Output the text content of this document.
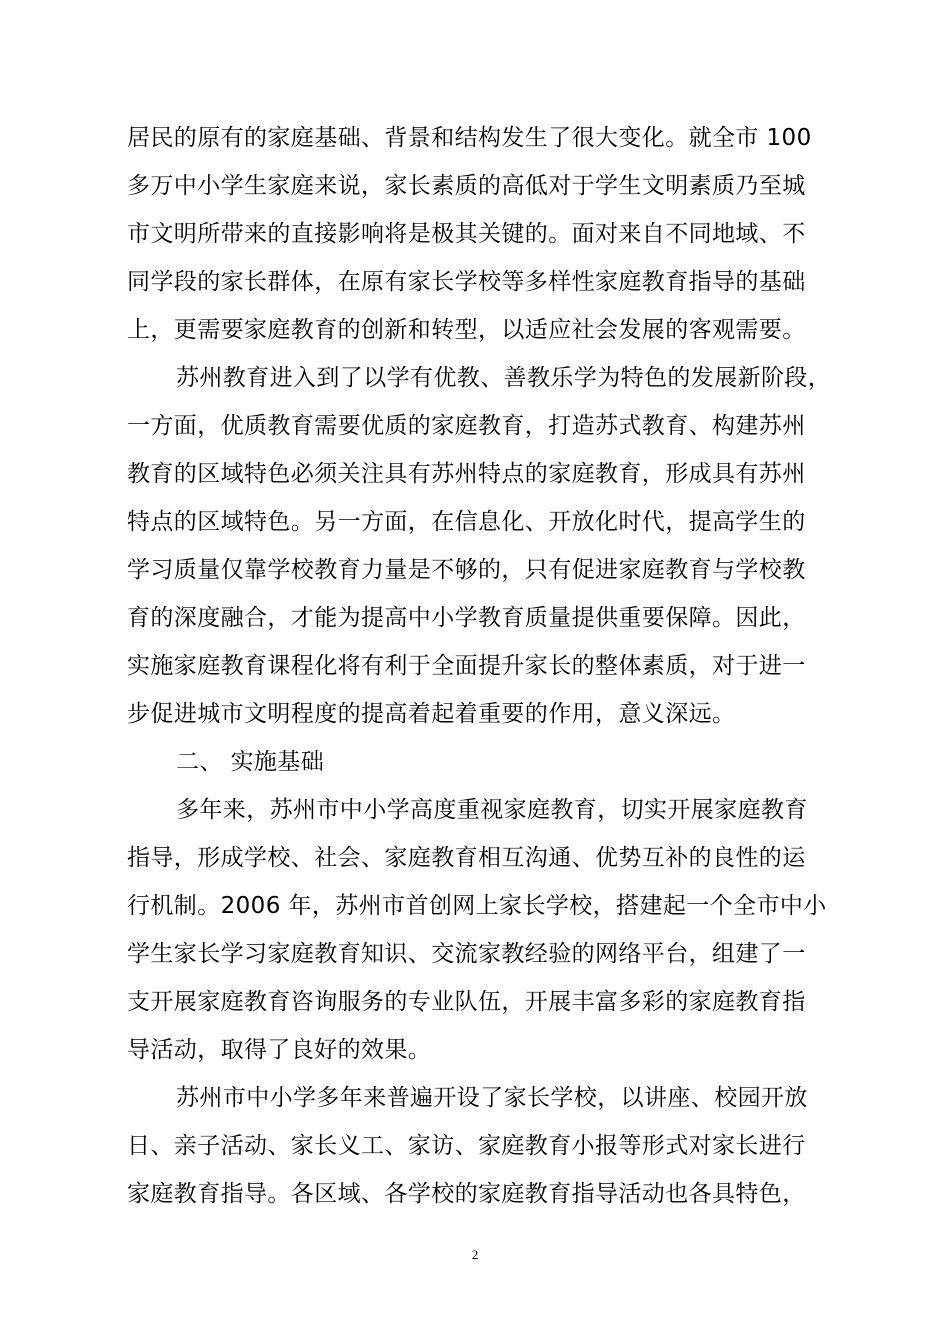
居民的原有的家庭基础、背景和结构发生了很大变化。就全市 100
多万中小学生家庭来说，家长素质的高低对于学生文明素质乃至城
市文明所带来的直接影响将是极其关键的。面对来自不同地域、不
同学段的家长群体，在原有家长学校等多样性家庭教育指导的基础
上，更需要家庭教育的创新和转型，以适应社会发展的客观需要。
苏州教育进入到了以学有优教、善教乐学为特色的发展新阶段，
一方面，优质教育需要优质的家庭教育，打造苏式教育、构建苏州
教育的区域特色必须关注具有苏州特点的家庭教育，形成具有苏州
特点的区域特色。另一方面，在信息化、开放化时代，提高学生的
学习质量仅靠学校教育力量是不够的，只有促进家庭教育与学校教
育的深度融合，才能为提高中小学教育质量提供重要保障。因此，
实施家庭教育课程化将有利于全面提升家长的整体素质，对于进一
步促进城市文明程度的提高着起着重要的作用，意义深远。
二、 实施基础
多年来，苏州市中小学高度重视家庭教育，切实开展家庭教育
指导，形成学校、社会、家庭教育相互沟通、优势互补的良性的运
行机制。2006 年，苏州市首创网上家长学校，搭建起一个全市中小
学生家长学习家庭教育知识、交流家教经验的网络平台，组建了一
支开展家庭教育咨询服务的专业队伍，开展丰富多彩的家庭教育指
导活动，取得了良好的效果。
苏州市中小学多年来普遍开设了家长学校，以讲座、校园开放
日、亲子活动、家长义工、家访、家庭教育小报等形式对家长进行
家庭教育指导。各区域、各学校的家庭教育指导活动也各具特色，
2
